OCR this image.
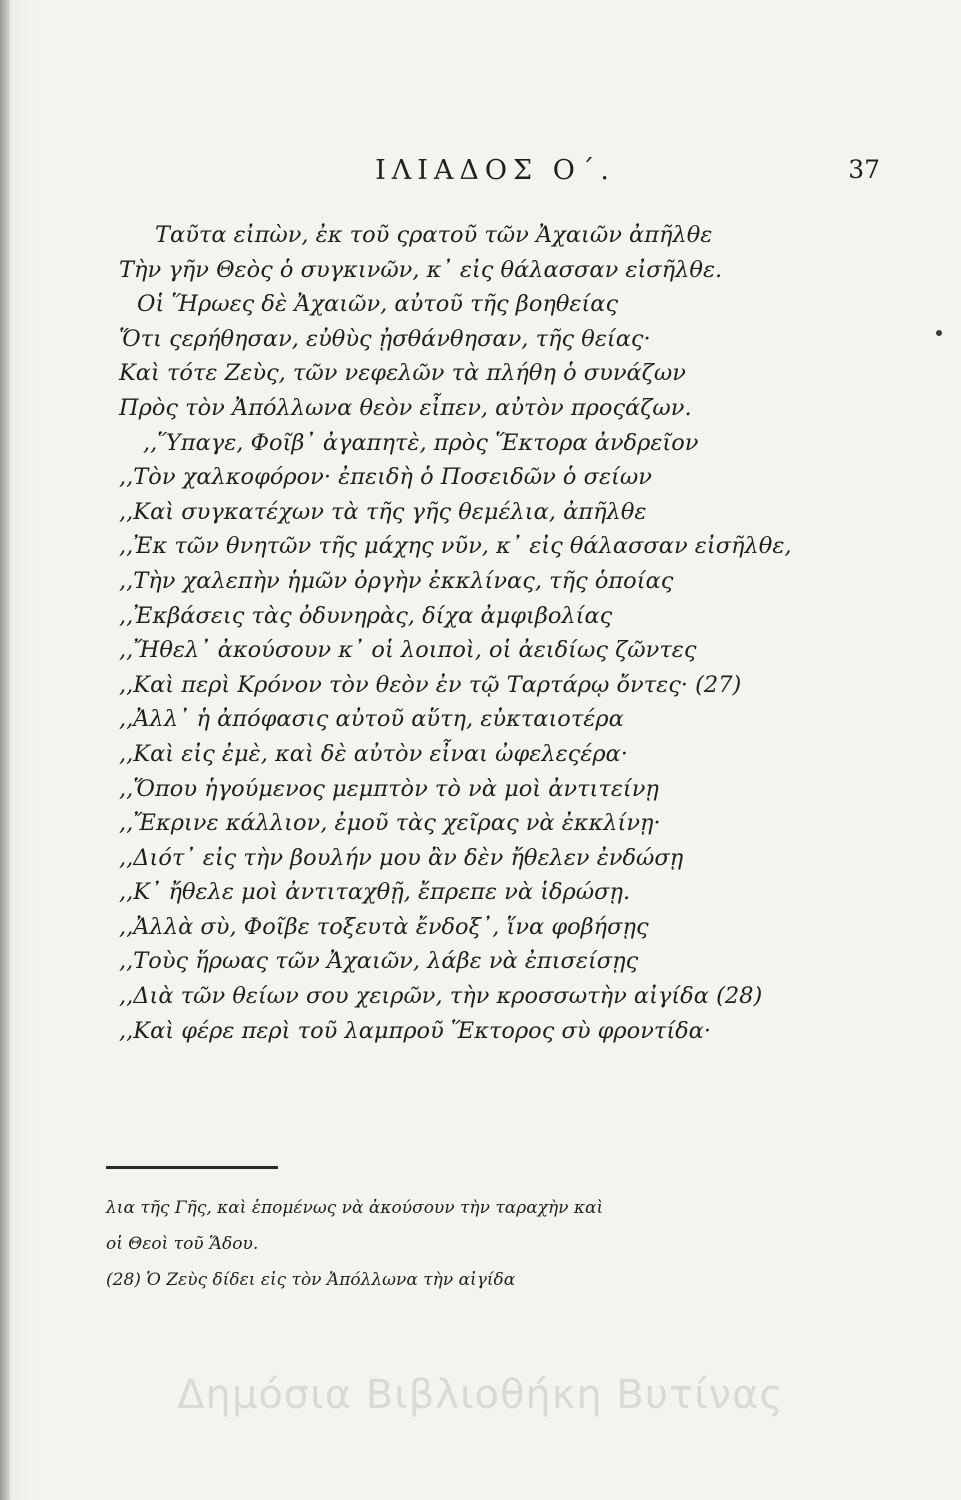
ΙΛΙΑΔΟΣ Ο΄.	37
Ταῦτα εἰπὼν, ἐκ τοῦ ςρατοῦ τῶν Ἀχαιῶν ἀπῆλθε
Τὴν γῆν Θεὸς ὁ συγκινῶν, κ᾿ εἰς θάλασσαν εἰσῆλθε.
Οἱ Ἥρωες δὲ Ἀχαιῶν, αὐτοῦ τῆς βοηθείας
Ὅτι ςερήθησαν, εὐθὺς ᾐσθάνθησαν, τῆς θείας·
Καὶ τότε Ζεὺς, τῶν νεφελῶν τὰ πλήθη ὁ συνάζων
Πρὸς τὸν Ἀπόλλωνα θεὸν εἶπεν, αὐτὸν προςάζων.
,,Ὕπαγε, Φοῖβ᾿ ἀγαπητὲ, πρὸς Ἕκτορα ἀνδρεῖον
,,Τὸν χαλκοφόρον· ἐπειδὴ ὁ Ποσειδῶν ὁ σείων
,,Καὶ συγκατέχων τὰ τῆς γῆς θεμέλια, ἀπῆλθε
,,Ἐκ τῶν θνητῶν τῆς μάχης νῦν, κ᾿ εἰς θάλασσαν εἰσῆλθε,
,,Τὴν χαλεπὴν ἡμῶν ὀργὴν ἐκκλίνας, τῆς ὁποίας
,,Ἐκβάσεις τὰς ὀδυνηρὰς, δίχα ἀμφιβολίας
,,Ἤθελ᾿ ἀκούσουν κ᾿ οἱ λοιποὶ, οἱ ἀειδίως ζῶντες
,,Καὶ περὶ Κρόνον τὸν θεὸν ἐν τῷ Ταρτάρῳ ὄντες· (27)
,,Ἀλλ᾿ ἡ ἀπόφασις αὐτοῦ αὕτη, εὐκταιοτέρα
,,Καὶ εἰς ἐμὲ, καὶ δὲ αὐτὸν εἶναι ὠφελεςέρα·
,,Ὅπου ἡγούμενος μεμπτὸν τὸ νὰ μοὶ ἀντιτείνῃ
,,Ἔκρινε κάλλιον, ἐμοῦ τὰς χεῖρας νὰ ἐκκλίνῃ·
,,Διότ᾿ εἰς τὴν βουλήν μου ἂν δὲν ἤθελεν ἐνδώσῃ
,,Κ᾿ ἤθελε μοὶ ἀντιταχθῇ, ἔπρεπε νὰ ἱδρώσῃ.
,,Ἀλλὰ σὺ, Φοῖβε τοξευτὰ ἔνδοξ᾿, ἵνα φοβήσῃς
,,Τοὺς ἥρωας τῶν Ἀχαιῶν, λάβε νὰ ἐπισείσῃς
,,Διὰ τῶν θείων σου χειρῶν, τὴν κροσσωτὴν αἰγίδα (28)
,,Καὶ φέρε περὶ τοῦ λαμπροῦ Ἕκτορος σὺ φροντίδα·
λια τῆς Γῆς, καὶ ἑπομένως νὰ ἀκούσουν τὴν ταραχὴν καὶ
οἱ Θεοὶ τοῦ Ἅδου.
(28) Ὁ Ζεὺς δίδει εἰς τὸν Ἀπόλλωνα τὴν αἰγίδα
Δημόσια Βιβλιοθήκη Βυτίνας
